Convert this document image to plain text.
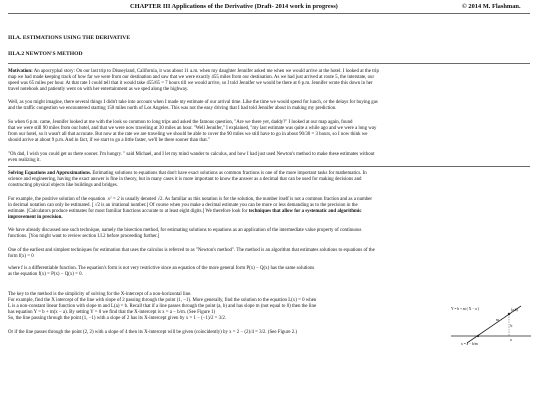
CHAPTER III Applications of the Derivative (Draft- 2014 work in progress)	© 2014 M. Flashman.
III.A. ESTIMATIONS USING THE DERIVATIVE
III.A.2 NEWTON'S METHOD
Motivation: An apocryphal story: On our last trip to Disneyland, California, it was about 11 a.m. when my daughter Jennifer asked me when we would arrive at the hotel. I looked at the trip
map we had made keeping track of how far we were from our destination and saw that we were exactly 455 miles from our destination. As we had just arrived at route 5, the interstate, our
speed was 65 miles per hour. At that rate I could tell that it would take 455/65 = 7 hours till we would arrive, so I told Jennifer we would be there at 6 p.m. Jennifer wrote this down in her
travel notebook and patiently went on with her entertainment as we sped along the highway.
Well, as you might imagine, there several things I didn't take into account when I made my estimate of our arrival time. Like the time we would spend for lunch, or the delays for buying gas
and the traffic congestion we encountered starting 150 miles north of Los Angeles. This was not the easy driving that I had told Jennifer about in making my prediction.
So when 6 p.m. came, Jennifer looked at me with the look so common to long trips and asked the famous question, "Are we there yet, daddy?" I looked at our map again, found
that we were still 90 miles from our hotel, and that we were now traveling at 30 miles an hour. "Well Jennifer," I explained, "my last estimate was quite a while ago and we were a long way
from our hotel, so it wasn't all that accurate. But now at the rate we are traveling we should be able to cover the 90 miles we still have to go in about 90/30 = 3 hours, so I now think we
should arrive at about 9 p.m. And in fact, if we start to go a little faster, we'll be there sooner than that."
"Oh dad, I wish you could get us there sooner. I'm hungry. " said Michael, and I let my mind wander to calculus, and how I had just used Newton's method to make these estimates without
even realizing it.
Solving Equations and Approximations. Estimating solutions to equations that don't have exact solutions as common fractions is one of the more important tasks for mathematics. In
science and engineering, having the exact answer is fine in theory, but in many cases it is more important to know the answer as a decimal that can be used for making decisions and
constructing physical objects like buildings and bridges.
For example, the positive solution of the equation x² = 2 is usually denoted √2. As familiar as this notation is for the solution, the number itself is not a common fraction and as a number
in decimal notation can only be estimated. [ √2 is an irrational number.] Of course when you make a decimal estimate you can be more or less demanding as to the precision in the
estimate. [Calculators produce estimates for most familiar functions accurate to at least eight digits.] We therefore look for techniques that allow for a systematic and algorithmic
improvement in precision.
We have already discussed one such technique, namely the bisection method, for estimating solutions to equations as an application of the intermediate value property of continuous
functions. [You might want to review section I.I.2 before proceeding further.]
One of the earliest and simplest techniques for estimation that uses the calculus is referred to as "Newton's method". The method is an algorithm that estimates solutions to equations of the
form f(x) = 0
where f is a differentiable function. The equation's form is not very restrictive since an equation of the more general form P(x) − Q(x) has the same solutions
as the equation f(x) = P(x) − Q(x) = 0.
The key to the method is the simplicity of solving for the X-intercept of a non-horizontal line.
For example, find the X intercept of the line with slope of 2 passing through the point (1, −1). More generally, find the solution to the equation L(x) = 0 when
L is a non-constant linear function with slope m and L(a) = b. Recall that if a line passes through the point (a, b) and has slope m (not equal to 0) then the line
has equation Y = b + m(x − a). By setting Y = 0 we find that the X-intercept is x = a − b/m. (See Figure 1)
So, the line passing through the point (1, −1) with a slope of 2 has its X-intercept given by x = 1 − (−1)/2 = 3/2.
Or if the line passes through the point (2, 2) with a slope of 4 then its X-intercept will be given (coincidently) by x = 2 − (2)/4 = 3/2. (See Figure 2.)
(a,b)
Y = b + m ( X − a )
a
b
m
x = a − b/m
